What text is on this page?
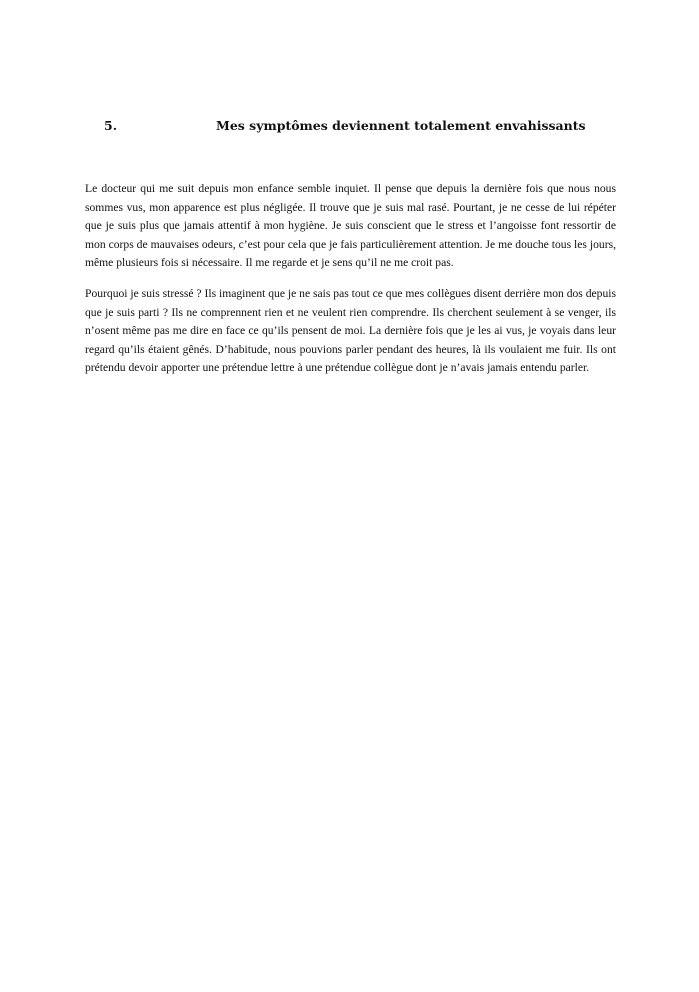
5.	Mes symptômes deviennent totalement envahissants

Le docteur qui me suit depuis mon enfance semble inquiet. Il pense que depuis la dernière fois que nous nous sommes vus, mon apparence est plus négligée. Il trouve que je suis mal rasé. Pourtant, je ne cesse de lui répéter que je suis plus que jamais attentif à mon hygiène. Je suis conscient que le stress et l’angoisse font ressortir de mon corps de mauvaises odeurs, c’est pour cela que je fais particulièrement attention. Je me douche tous les jours, même plusieurs fois si nécessaire. Il me regarde et je sens qu’il ne me croit pas.

Pourquoi je suis stressé ? Ils imaginent que je ne sais pas tout ce que mes collègues disent derrière mon dos depuis que je suis parti ? Ils ne comprennent rien et ne veulent rien comprendre. Ils cherchent seulement à se venger, ils n’osent même pas me dire en face ce qu’ils pensent de moi. La dernière fois que je les ai vus, je voyais dans leur regard qu’ils étaient gênés. D’habitude, nous pouvions parler pendant des heures, là ils voulaient me fuir. Ils ont prétendu devoir apporter une prétendue lettre à une prétendue collègue dont je n’avais jamais entendu parler.
